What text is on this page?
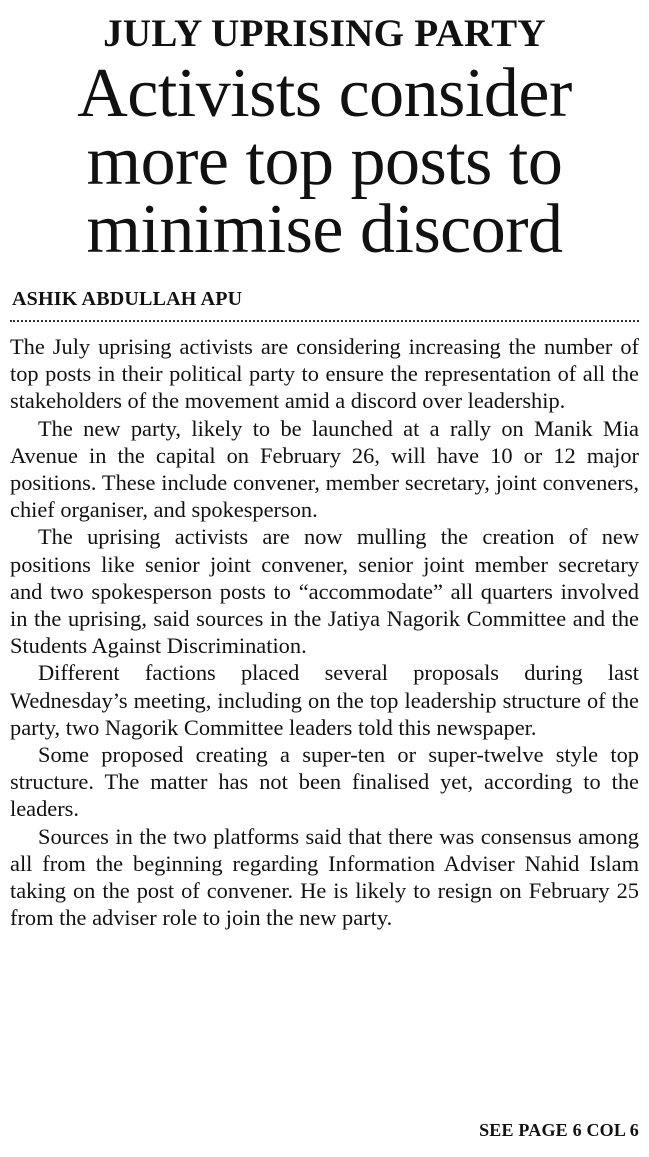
JULY UPRISING PARTY
Activists consider
more top posts to
minimise discord
ASHIK ABDULLAH APU

The July uprising activists are considering increasing the number of top posts in their political party to ensure the representation of all the stakeholders of the movement amid a discord over leadership.

The new party, likely to be launched at a rally on Manik Mia Avenue in the capital on February 26, will have 10 or 12 major positions. These include convener, member secretary, joint conveners, chief organiser, and spokesperson.

The uprising activists are now mulling the creation of new positions like senior joint convener, senior joint member secretary and two spokesperson posts to “accommodate” all quarters involved in the uprising, said sources in the Jatiya Nagorik Committee and the Students Against Discrimination.

Different factions placed several proposals during last Wednesday’s meeting, including on the top leadership structure of the party, two Nagorik Committee leaders told this newspaper.

Some proposed creating a super-ten or super-twelve style top structure. The matter has not been finalised yet, according to the leaders.

Sources in the two platforms said that there was consensus among all from the beginning regarding Information Adviser Nahid Islam taking on the post of convener. He is likely to resign on February 25 from the adviser role to join the new party.

SEE PAGE 6 COL 6
